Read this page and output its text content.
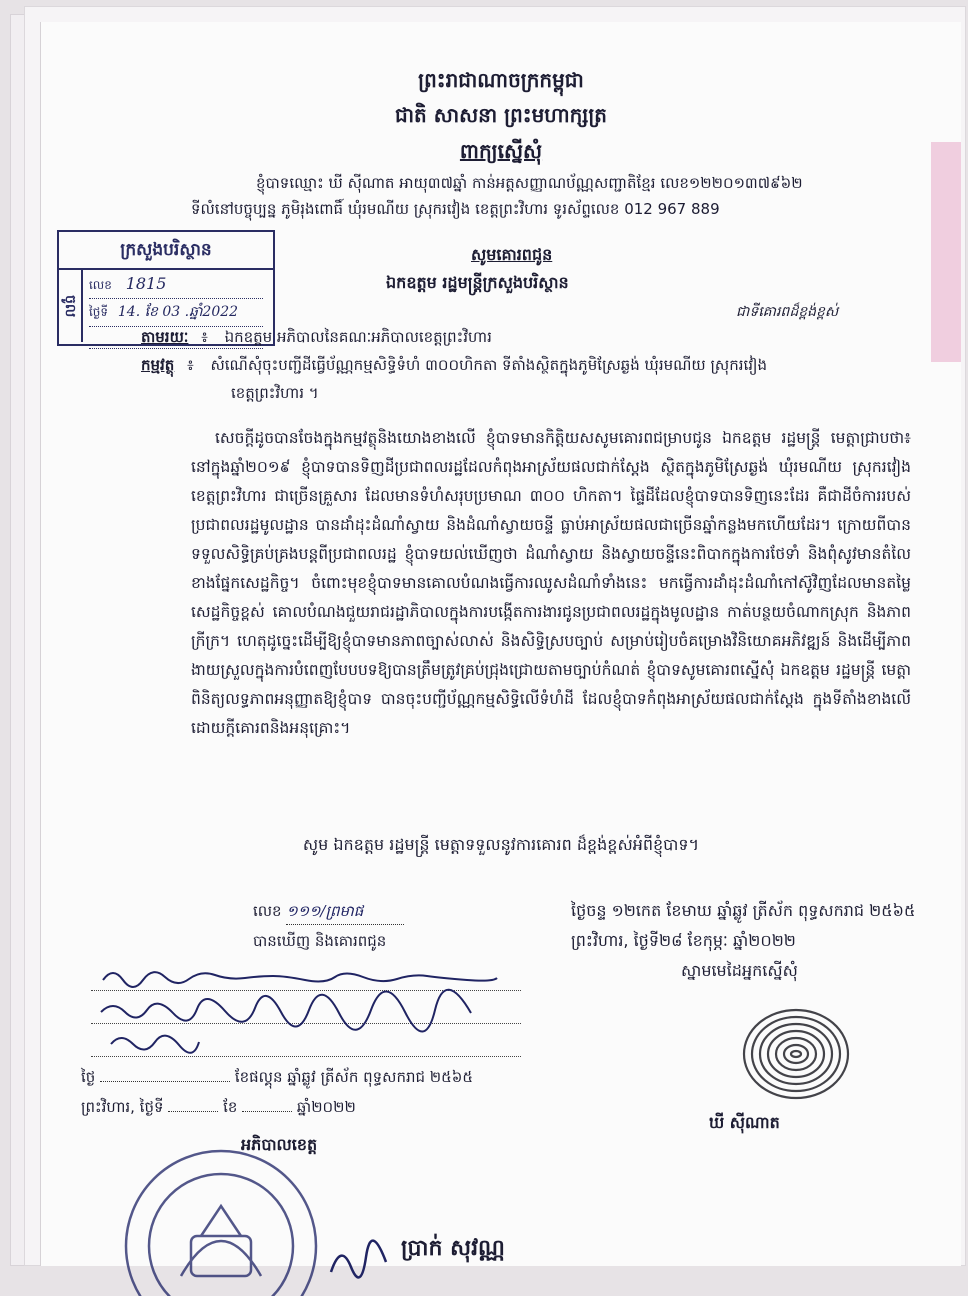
ព្រះរាជាណាចក្រកម្ពុជា
ជាតិ សាសនា ព្រះមហាក្សត្រ
ពាក្យស្នើសុំ
ខ្ញុំបាទឈ្មោះ ឃី ស៊ីណាត អាយុ៣៧ឆ្នាំ កាន់អត្តសញ្ញាណប័ណ្ណសញ្ជាតិខ្មែរ លេខ១២២០១៣៧៩៦២
ទីលំនៅបច្ចុប្បន្ន ភូមិរុងពោធិ៍ ឃុំរមណីយ ស្រុករវៀង ខេត្តព្រះវិហារ ទូរស័ព្ទលេខ 012 967 889
ក្រសួងបរិស្ថាន
ចូល
លេខ 1815
ថ្ងៃទី 14. ខែ 03 .ឆ្នាំ2022
សូមគោរពជូន
ឯកឧត្តម រដ្ឋមន្ត្រីក្រសួងបរិស្ថាន
ជាទីគោរពដ៏ខ្ពង់ខ្ពស់
តាមរយៈ ៖ ឯកឧត្តម អភិបាលនៃគណៈអភិបាលខេត្តព្រះវិហារ
កម្មវត្ថុ ៖ សំណើសុំចុះបញ្ជីដីធ្វើប័ណ្ណកម្មសិទ្ធិទំហំ ៣០០ហិកតា ទីតាំងស្ថិតក្នុងភូមិស្រែឆ្ងង់ ឃុំរមណីយ ស្រុករវៀង
ខេត្តព្រះវិហារ ។

សេចក្តីដូចបានចែងក្នុងកម្មវត្ថុនិងយោងខាងលើ ខ្ញុំបាទមានកិត្តិយសសូមគោរពជម្រាបជូន ឯកឧត្តម រដ្ឋមន្ត្រី មេត្តាជ្រាបថា៖ នៅក្នុងឆ្នាំ២០១៩ ខ្ញុំបាទបានទិញដីប្រជាពលរដ្ឋដែលកំពុងអាស្រ័យផលជាក់ស្តែង ស្ថិតក្នុងភូមិស្រែឆ្ងង់ ឃុំរមណីយ ស្រុករវៀង ខេត្តព្រះវិហារ ជាច្រើនគ្រួសារ ដែលមានទំហំសរុបប្រមាណ ៣០០ ហិកតា។ ផ្ទៃដីដែលខ្ញុំបាទបានទិញនេះដែរ គឺជាដីចំការរបស់ប្រជាពលរដ្ឋមូលដ្ឋាន បានដាំដុះដំណាំស្វាយ និងដំណាំស្វាយចន្ទី ធ្លាប់អាស្រ័យផលជាច្រើនឆ្នាំកន្លងមកហើយដែរ។ ក្រោយពីបានទទួលសិទ្ធិគ្រប់គ្រងបន្តពីប្រជាពលរដ្ឋ ខ្ញុំបាទយល់ឃើញថា ដំណាំស្វាយ និងស្វាយចន្ទីនេះពិបាកក្នុងការថែទាំ និងពុំសូវមានតំលៃខាងផ្នែកសេដ្ឋកិច្ច។ ចំពោះមុខខ្ញុំបាទមានគោលបំណងធ្វើការឈូសដំណាំទាំងនេះ មកធ្វើការដាំដុះដំណាំកៅស៊ូវិញដែលមានតម្លៃសេដ្ឋកិច្ចខ្ពស់ គោលបំណងជួយរាជរដ្ឋាភិបាលក្នុងការបង្កើតការងារជូនប្រជាពលរដ្ឋក្នុងមូលដ្ឋាន កាត់បន្ថយចំណាកស្រុក និងភាពក្រីក្រ។ ហេតុដូច្នេះដើម្បីឱ្យខ្ញុំបាទមានភាពច្បាស់លាស់ និងសិទ្ធិស្របច្បាប់ សម្រាប់រៀបចំគម្រោងវិនិយោគអភិវឌ្ឍន៍ និងដើម្បីភាពងាយស្រួលក្នុងការបំពេញបែបបទឱ្យបានត្រឹមត្រូវគ្រប់ជ្រុងជ្រោយតាមច្បាប់កំណត់ ខ្ញុំបាទសូមគោរពស្នើសុំ ឯកឧត្តម រដ្ឋមន្ត្រី មេត្តាពិនិត្យលទ្ធភាពអនុញ្ញាតឱ្យខ្ញុំបាទ បានចុះបញ្ជីប័ណ្ណកម្មសិទ្ធិលើទំហំដី ដែលខ្ញុំបាទកំពុងអាស្រ័យផលជាក់ស្តែង ក្នុងទីតាំងខាងលើដោយក្តីគោរពនិងអនុគ្រោះ។

សូម ឯកឧត្តម រដ្ឋមន្ត្រី មេត្តាទទួលនូវការគោរព ដ៏ខ្ពង់ខ្ពស់អំពីខ្ញុំបាទ។
ថ្ងៃចន្ទ ១២កេត ខែមាឃ ឆ្នាំឆ្លូវ ត្រីស័ក ពុទ្ធសករាជ ២៥៦៥
ព្រះវិហារ, ថ្ងៃទី២៨ ខែកុម្ភៈ ឆ្នាំ២០២២
ស្នាមមេដៃអ្នកស្នើសុំ
ឃី ស៊ីណាត
លេខ ១១១/ព្រមាផ
បានឃើញ និងគោរពជូន
ថ្ងៃ	ខែផល្គុន ឆ្នាំឆ្លូវ ត្រីស័ក ពុទ្ធសករាជ ២៥៦៥
ព្រះវិហារ, ថ្ងៃទី	ខែ	ឆ្នាំ២០២២
អភិបាលខេត្ត
ប្រាក់ សុវណ្ណ
